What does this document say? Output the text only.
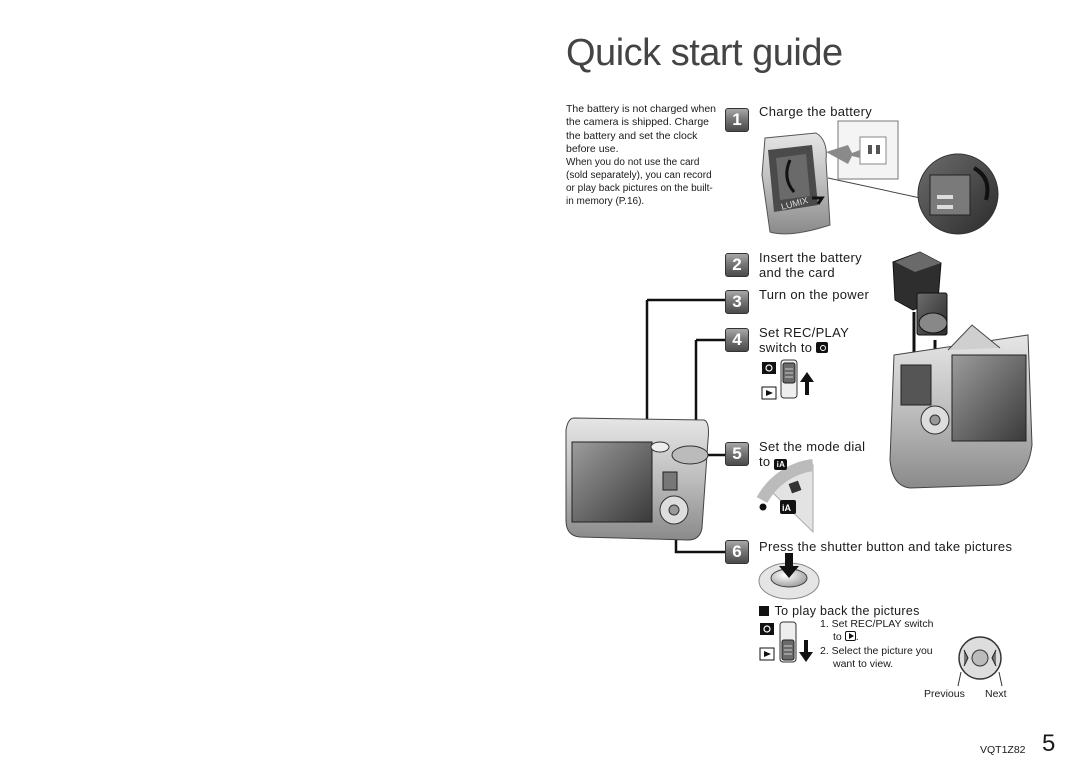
Quick start guide

The battery is not charged when the camera is shipped. Charge the battery and set the clock before use.

When you do not use the card (sold separately), you can record or play back pictures on the built-in memory (P.16).	LUMIX
iA
1
2
3
4
5
6
Charge the battery
Insert the battery
and the card
Turn on the power
Set REC/PLAY
switch to
Set the mode dial
to iA
Press the shutter button and take pictures
To play back the pictures
1. Set REC/PLAY switch
to .
2. Select the picture you
want to view.
Previous Next
VQT1Z82 5
